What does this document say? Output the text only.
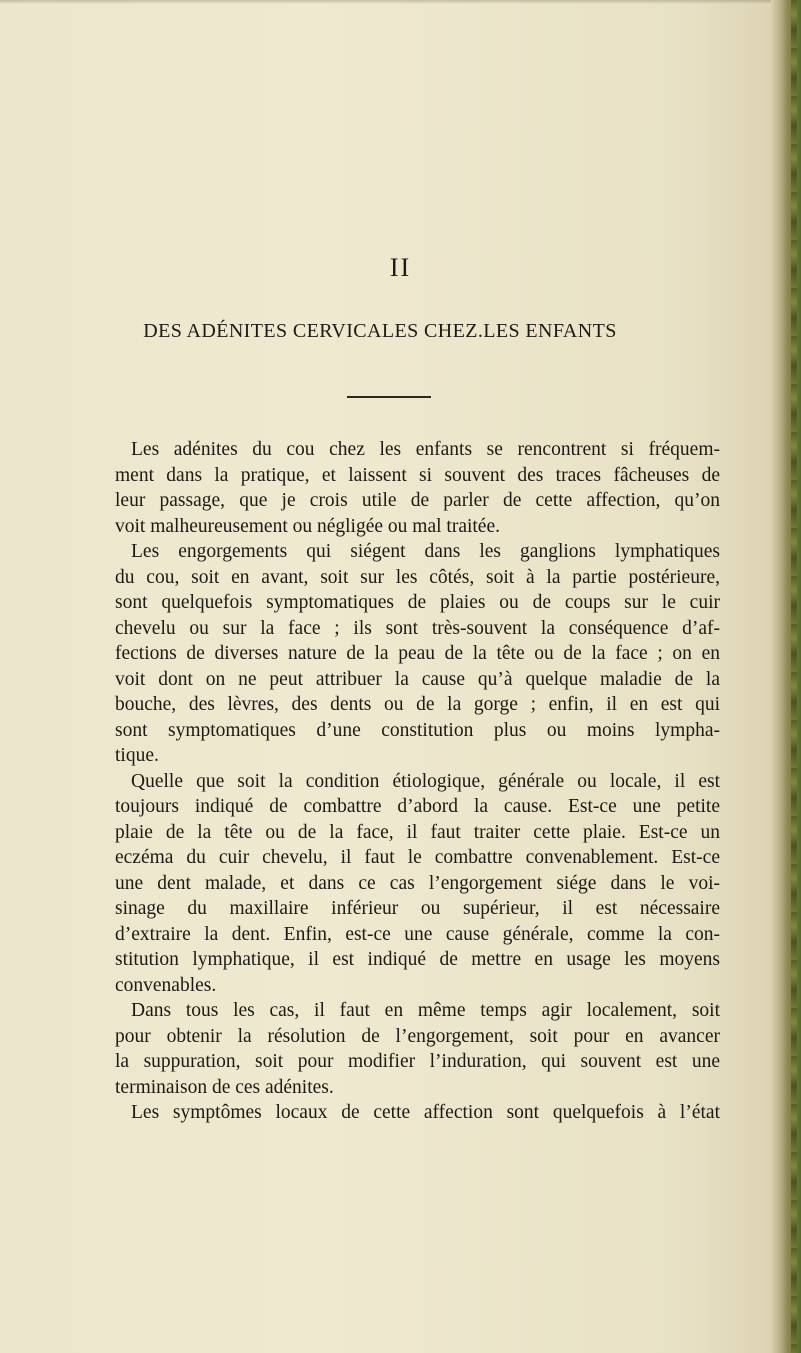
II
DES ADÉNITES CERVICALES CHEZ.LES ENFANTS
Les adénites du cou chez les enfants se rencontrent si fréquem-
ment dans la pratique, et laissent si souvent des traces fâcheuses de
leur passage, que je crois utile de parler de cette affection, qu’on
voit malheureusement ou négligée ou mal traitée.
Les engorgements qui siégent dans les ganglions lymphatiques
du cou, soit en avant, soit sur les côtés, soit à la partie postérieure,
sont quelquefois symptomatiques de plaies ou de coups sur le cuir
chevelu ou sur la face ; ils sont très-souvent la conséquence d’af-
fections de diverses nature de la peau de la tête ou de la face ; on en
voit dont on ne peut attribuer la cause qu’à quelque maladie de la
bouche, des lèvres, des dents ou de la gorge ; enfin, il en est qui
sont symptomatiques d’une constitution plus ou moins lympha-
tique.
Quelle que soit la condition étiologique, générale ou locale, il est
toujours indiqué de combattre d’abord la cause. Est-ce une petite
plaie de la tête ou de la face, il faut traiter cette plaie. Est-ce un
eczéma du cuir chevelu, il faut le combattre convenablement. Est-ce
une dent malade, et dans ce cas l’engorgement siége dans le voi-
sinage du maxillaire inférieur ou supérieur, il est nécessaire
d’extraire la dent. Enfin, est-ce une cause générale, comme la con-
stitution lymphatique, il est indiqué de mettre en usage les moyens
convenables.
Dans tous les cas, il faut en même temps agir localement, soit
pour obtenir la résolution de l’engorgement, soit pour en avancer
la suppuration, soit pour modifier l’induration, qui souvent est une
terminaison de ces adénites.
Les symptômes locaux de cette affection sont quelquefois à l’état
